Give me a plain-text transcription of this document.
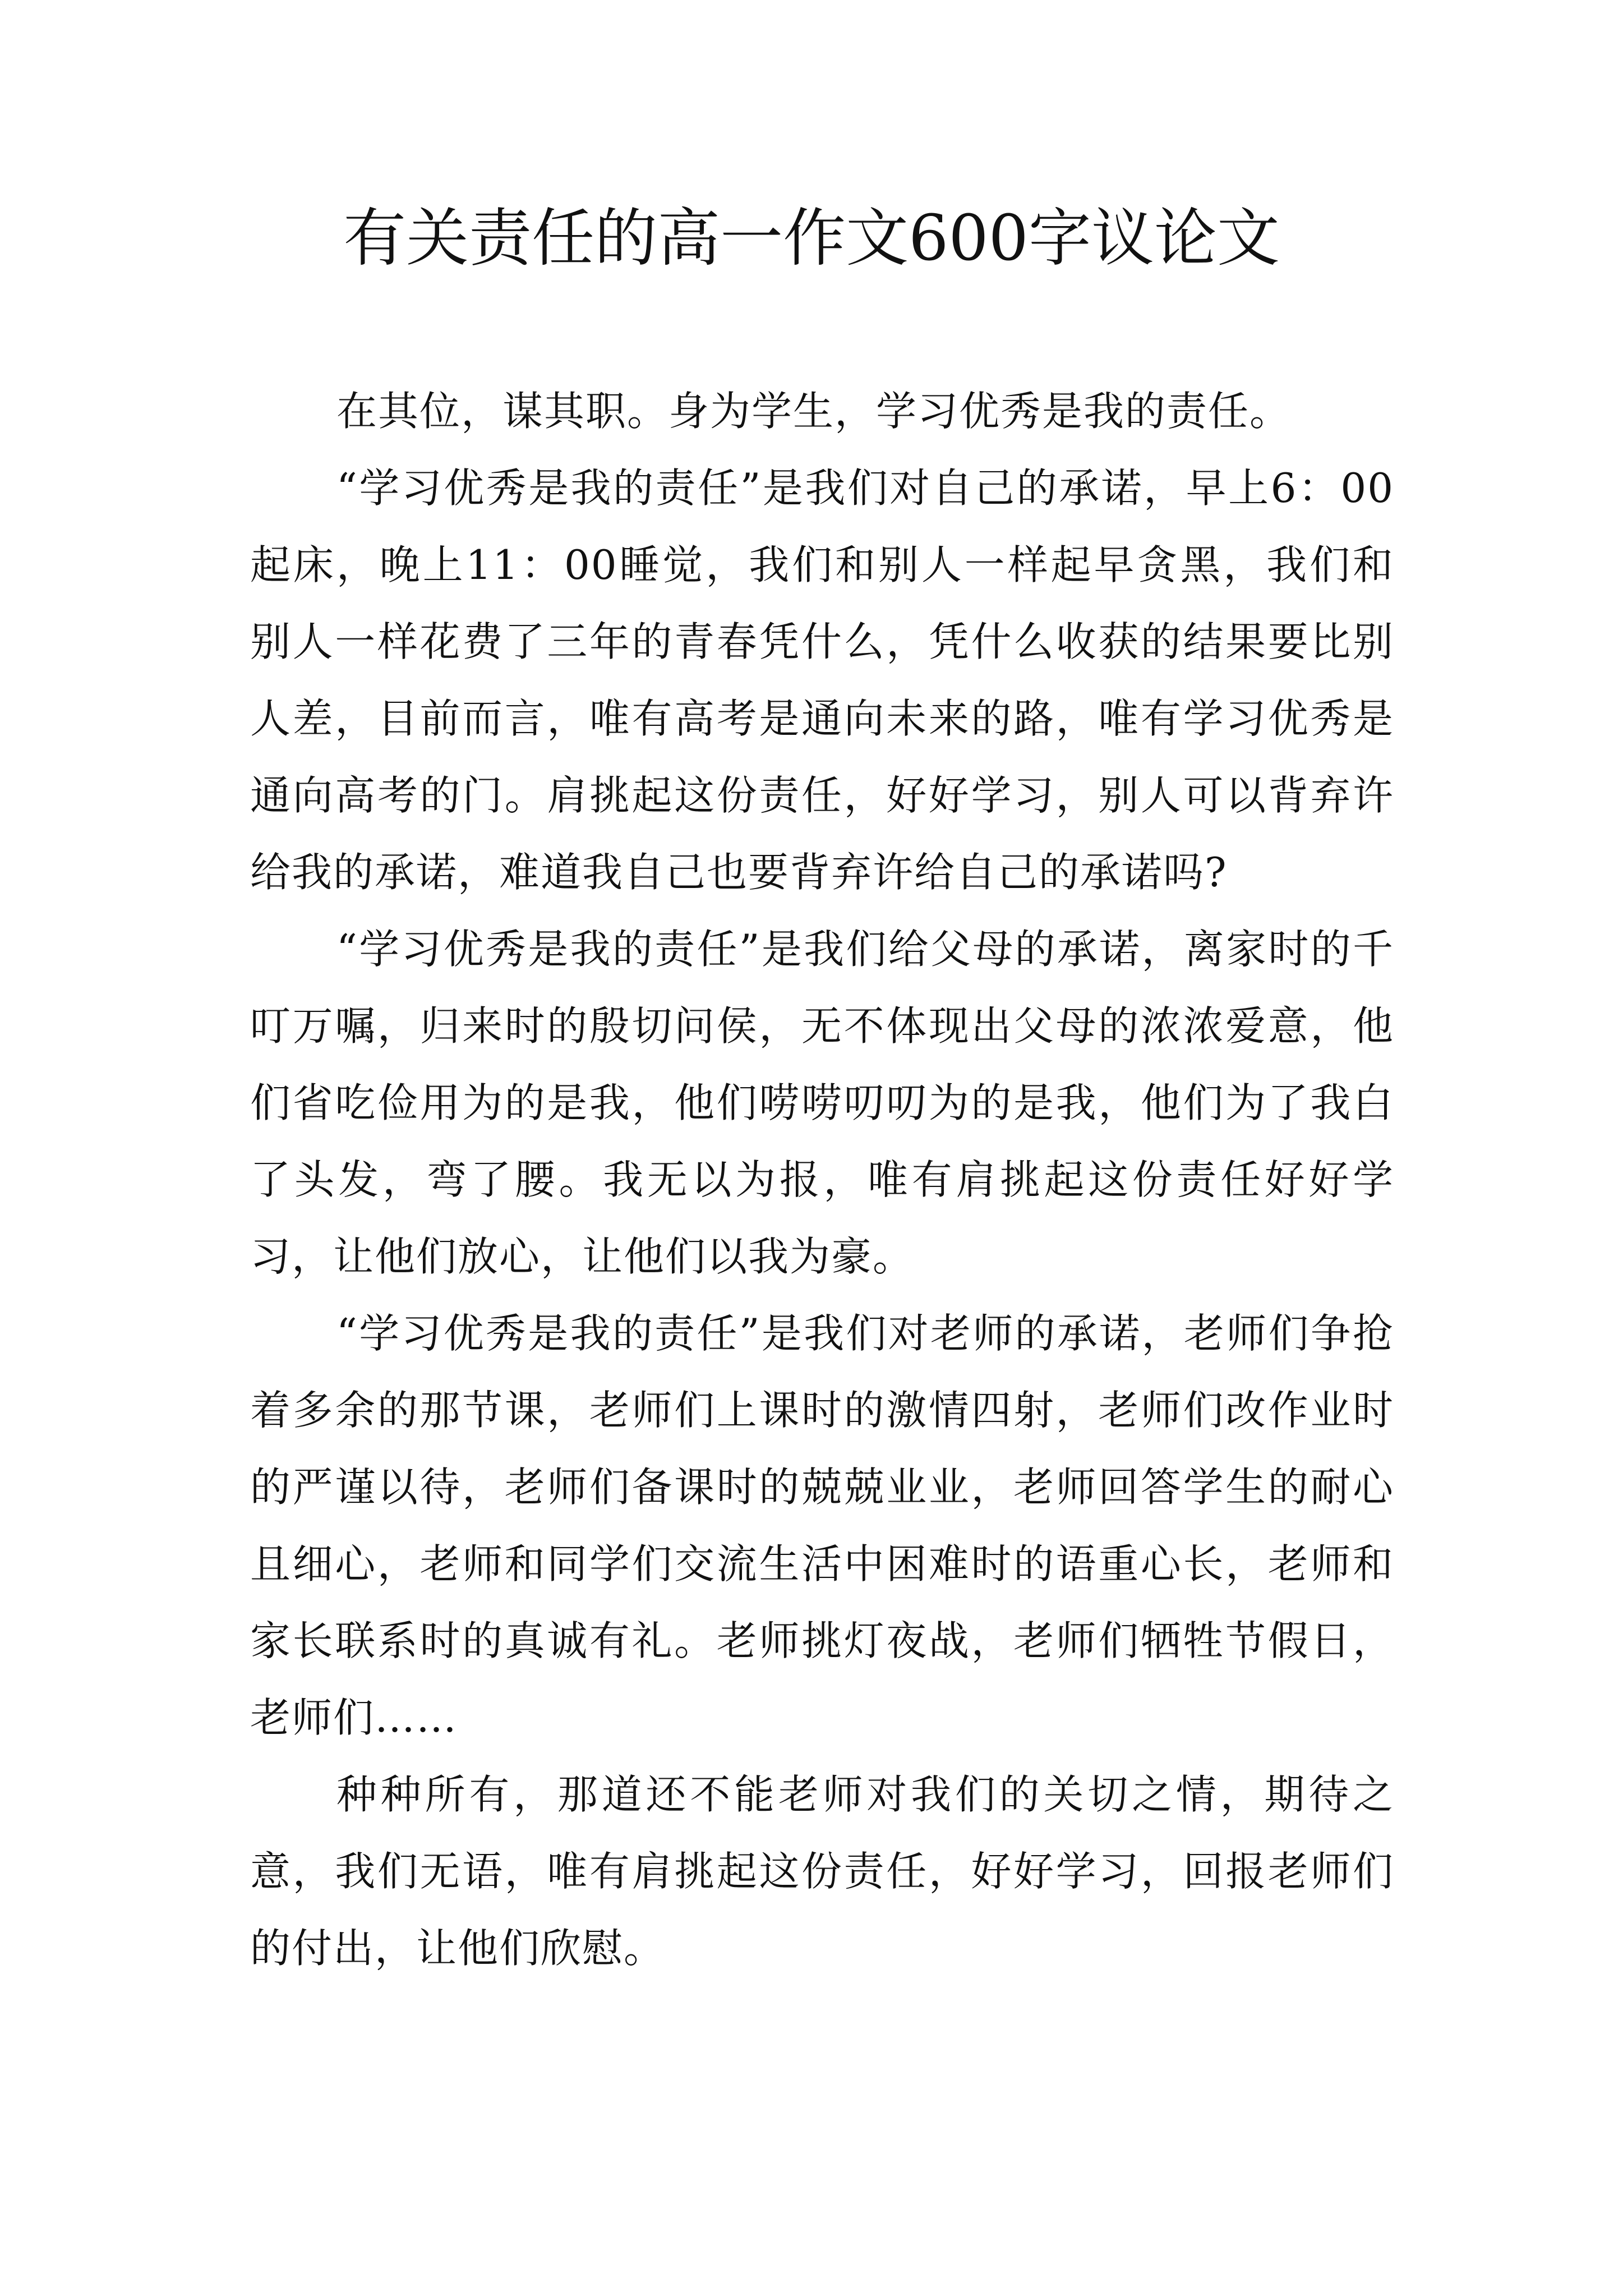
有关责任的高一作文600字议论文

在其位，谋其职。身为学生，学习优秀是我的责任。

“学习优秀是我的责任”是我们对自己的承诺，早上6：00起床，晚上11：00睡觉，我们和别人一样起早贪黑，我们和别人一样花费了三年的青春凭什么，凭什么收获的结果要比别人差，目前而言，唯有高考是通向未来的路，唯有学习优秀是通向高考的门。肩挑起这份责任，好好学习，别人可以背弃许给我的承诺，难道我自己也要背弃许给自己的承诺吗?

“学习优秀是我的责任”是我们给父母的承诺，离家时的千叮万嘱，归来时的殷切问侯，无不体现出父母的浓浓爱意，他们省吃俭用为的是我，他们唠唠叨叨为的是我，他们为了我白了头发，弯了腰。我无以为报，唯有肩挑起这份责任好好学习，让他们放心，让他们以我为豪。

“学习优秀是我的责任”是我们对老师的承诺，老师们争抢着多余的那节课，老师们上课时的激情四射，老师们改作业时的严谨以待，老师们备课时的兢兢业业，老师回答学生的耐心且细心，老师和同学们交流生活中困难时的语重心长，老师和家长联系时的真诚有礼。老师挑灯夜战，老师们牺牲节假日，老师们……

种种所有，那道还不能老师对我们的关切之情，期待之意，我们无语，唯有肩挑起这份责任，好好学习，回报老师们的付出，让他们欣慰。
